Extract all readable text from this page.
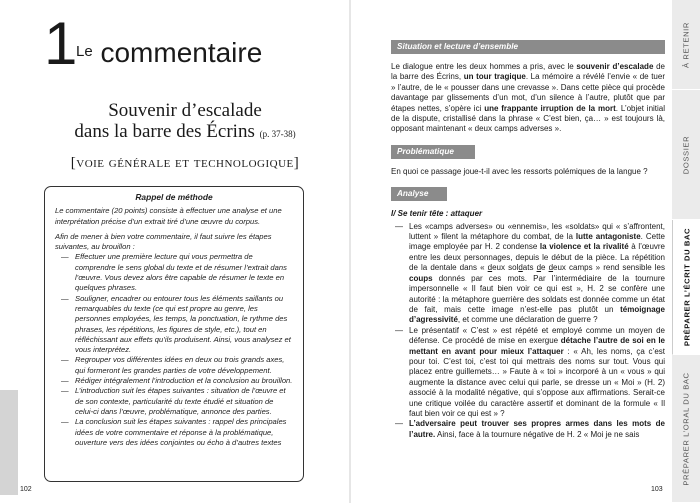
1
Le commentaire
Souvenir d’escalade
dans la barre des Écrins (p. 37-38)
[voie générale et technologique]
Rappel de méthode

Le commentaire (20 points) consiste à effectuer une analyse et une interprétation précise d’un extrait tiré d’une œuvre du corpus.

Afin de mener à bien votre commentaire, il faut suivre les étapes suivantes, au brouillon :

— Effectuer une première lecture qui vous permettra de comprendre le sens global du texte et de résumer l’extrait dans l’œuvre. Vous devez alors être capable de résumer le texte en quelques phrases.
— Souligner, encadrer ou entourer tous les éléments saillants ou remarquables du texte (ce qui est propre au genre, les personnes employées, les temps, la ponctuation, le rythme des phrases, les répétitions, les figures de style, etc.), tout en réfléchissant aux effets qu’ils produisent. Ainsi, vous analysez et vous interprétez.
— Regrouper vos différentes idées en deux ou trois grands axes, qui formeront les grandes parties de votre développement.
— Rédiger intégralement l’introduction et la conclusion au brouillon.
— L’introduction suit les étapes suivantes : situation de l’œuvre et de son contexte, particularité du texte étudié et situation de celui-ci dans l’œuvre, problématique, annonce des parties.
— La conclusion suit les étapes suivantes : rappel des principales idées de votre commentaire et réponse à la problématique, ouverture vers des idées conjointes ou écho à d’autres textes
102
Situation et lecture d’ensemble

Le dialogue entre les deux hommes a pris, avec le souvenir d’escalade de la barre des Écrins, un tour tragique. La mémoire a révélé l’envie « de tuer » l’autre, de le « pousser dans une crevasse ». Dans cette pièce qui procède davantage par glissements d’un mot, d’un silence à l’autre, plutôt que par étapes nettes, s’opère ici une frappante irruption de la mort. L’objet initial de la dispute, cristallisé dans la phrase « C’est bien, ça… » est toujours là, opposant maintenant « deux camps adverses ».

Problématique

En quoi ce passage joue-t-il avec les ressorts polémiques de la langue ?

Analyse
I/ Se tenir tête : attaquer
— Les «camps adverses» ou «ennemis», les «soldats» qui « s’affrontent, luttent » filent la métaphore du combat, de la lutte antagoniste. Cette image employée par H. 2 condense la violence et la rivalité à l’œuvre entre les deux personnages, depuis le début de la pièce. La répétition de la dentale dans « deux soldats de deux camps » rend sensible les coups donnés par ces mots. Par l’intermédiaire de la tournure impersonnelle « Il faut bien voir ce qui est », H. 2 se confère une autorité : la métaphore guerrière des soldats est donnée comme un état de fait, mais cette image n’est-elle pas plutôt un témoignage d’agressivité, et comme une déclaration de guerre ?
— Le présentatif « C’est » est répété et employé comme un moyen de défense. Ce procédé de mise en exergue détache l’autre de soi en le mettant en avant pour mieux l’attaquer : « Ah, les noms, ça c’est pour toi. C’est toi, c’est toi qui mettrais des noms sur tout. Vous qui placez entre guillemets… » Faute à « toi » incorporé à un « vous » qui augmente la distance avec celui qui parle, se dresse un « Moi » (H. 2) associé à la modalité négative, qui s’oppose aux affirmations. Serait-ce une critique voilée du caractère assertif et dominant de la formule « Il faut bien voir ce qui est » ?
— L’adversaire peut trouver ses propres armes dans les mots de l’autre. Ainsi, face à la tournure négative de H. 2 « Moi je ne sais
103
À RETENIR
DOSSIER
PRÉPARER L’ÉCRIT DU BAC
PRÉPARER L’ORAL DU BAC
